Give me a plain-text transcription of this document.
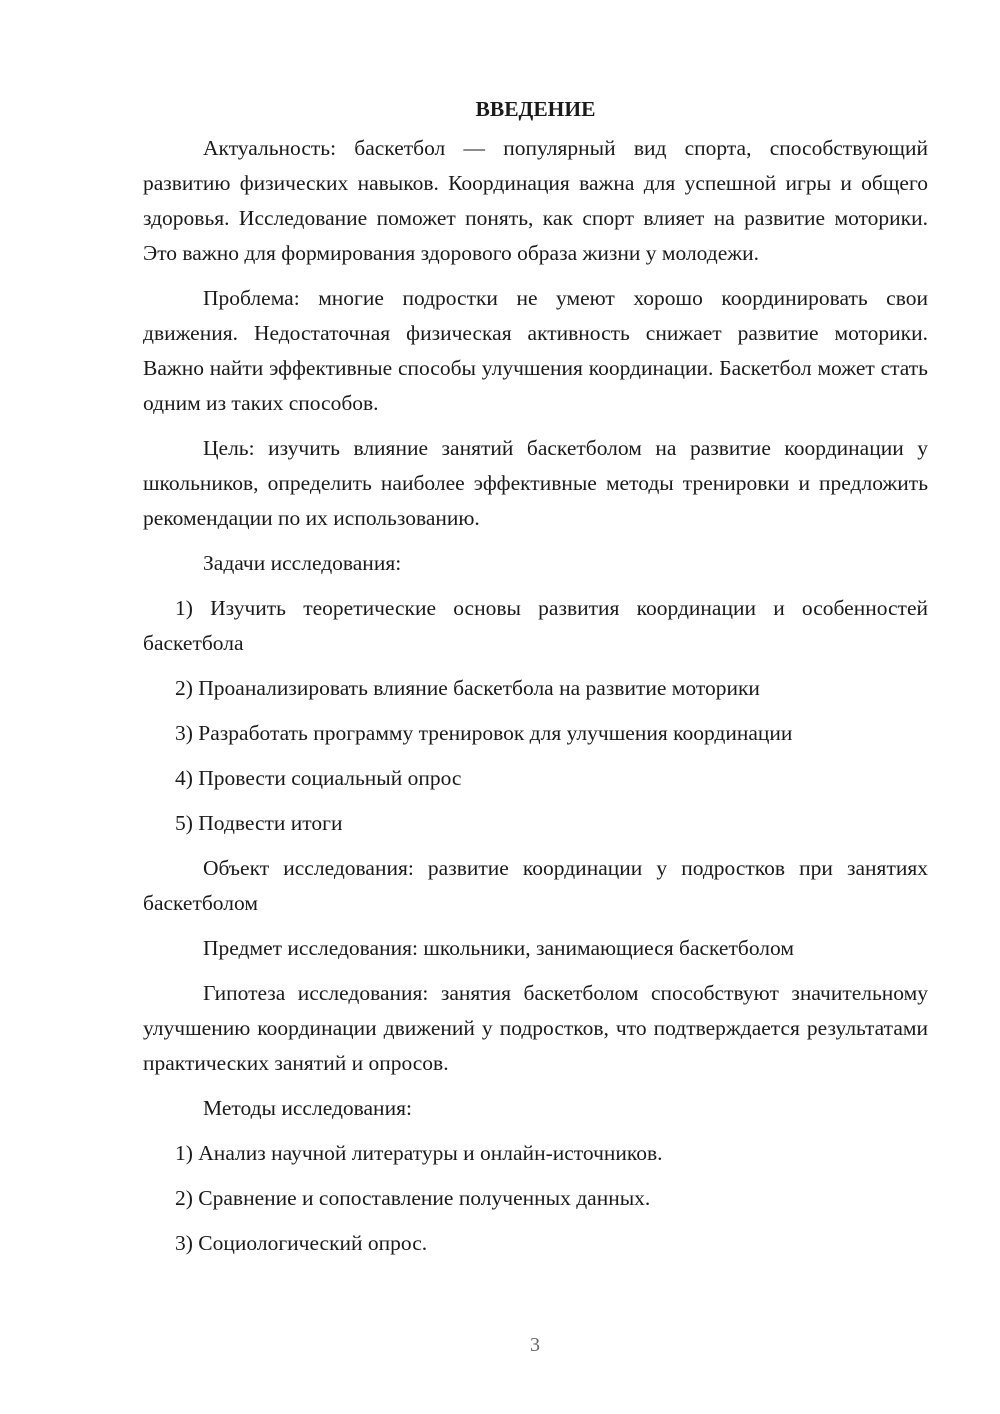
ВВЕДЕНИЕ

Актуальность: баскетбол — популярный вид спорта, способствующий развитию физических навыков. Координация важна для успешной игры и общего здоровья. Исследование поможет понять, как спорт влияет на развитие моторики. Это важно для формирования здорового образа жизни у молодежи.

Проблема: многие подростки не умеют хорошо координировать свои движения. Недостаточная физическая активность снижает развитие моторики. Важно найти эффективные способы улучшения координации. Баскетбол может стать одним из таких способов.

Цель: изучить влияние занятий баскетболом на развитие координации у школьников, определить наиболее эффективные методы тренировки и предложить рекомендации по их использованию.

Задачи исследования:

1) Изучить теоретические основы развития координации и особенностей баскетбола

2) Проанализировать влияние баскетбола на развитие моторики

3) Разработать программу тренировок для улучшения координации

4) Провести социальный опрос

5) Подвести итоги

Объект исследования: развитие координации у подростков при занятиях баскетболом

Предмет исследования: школьники, занимающиеся баскетболом

Гипотеза исследования: занятия баскетболом способствуют значительному улучшению координации движений у подростков, что подтверждается результатами практических занятий и опросов.

Методы исследования:

1) Анализ научной литературы и онлайн-источников.

2) Сравнение и сопоставление полученных данных.

3) Социологический опрос.

3
